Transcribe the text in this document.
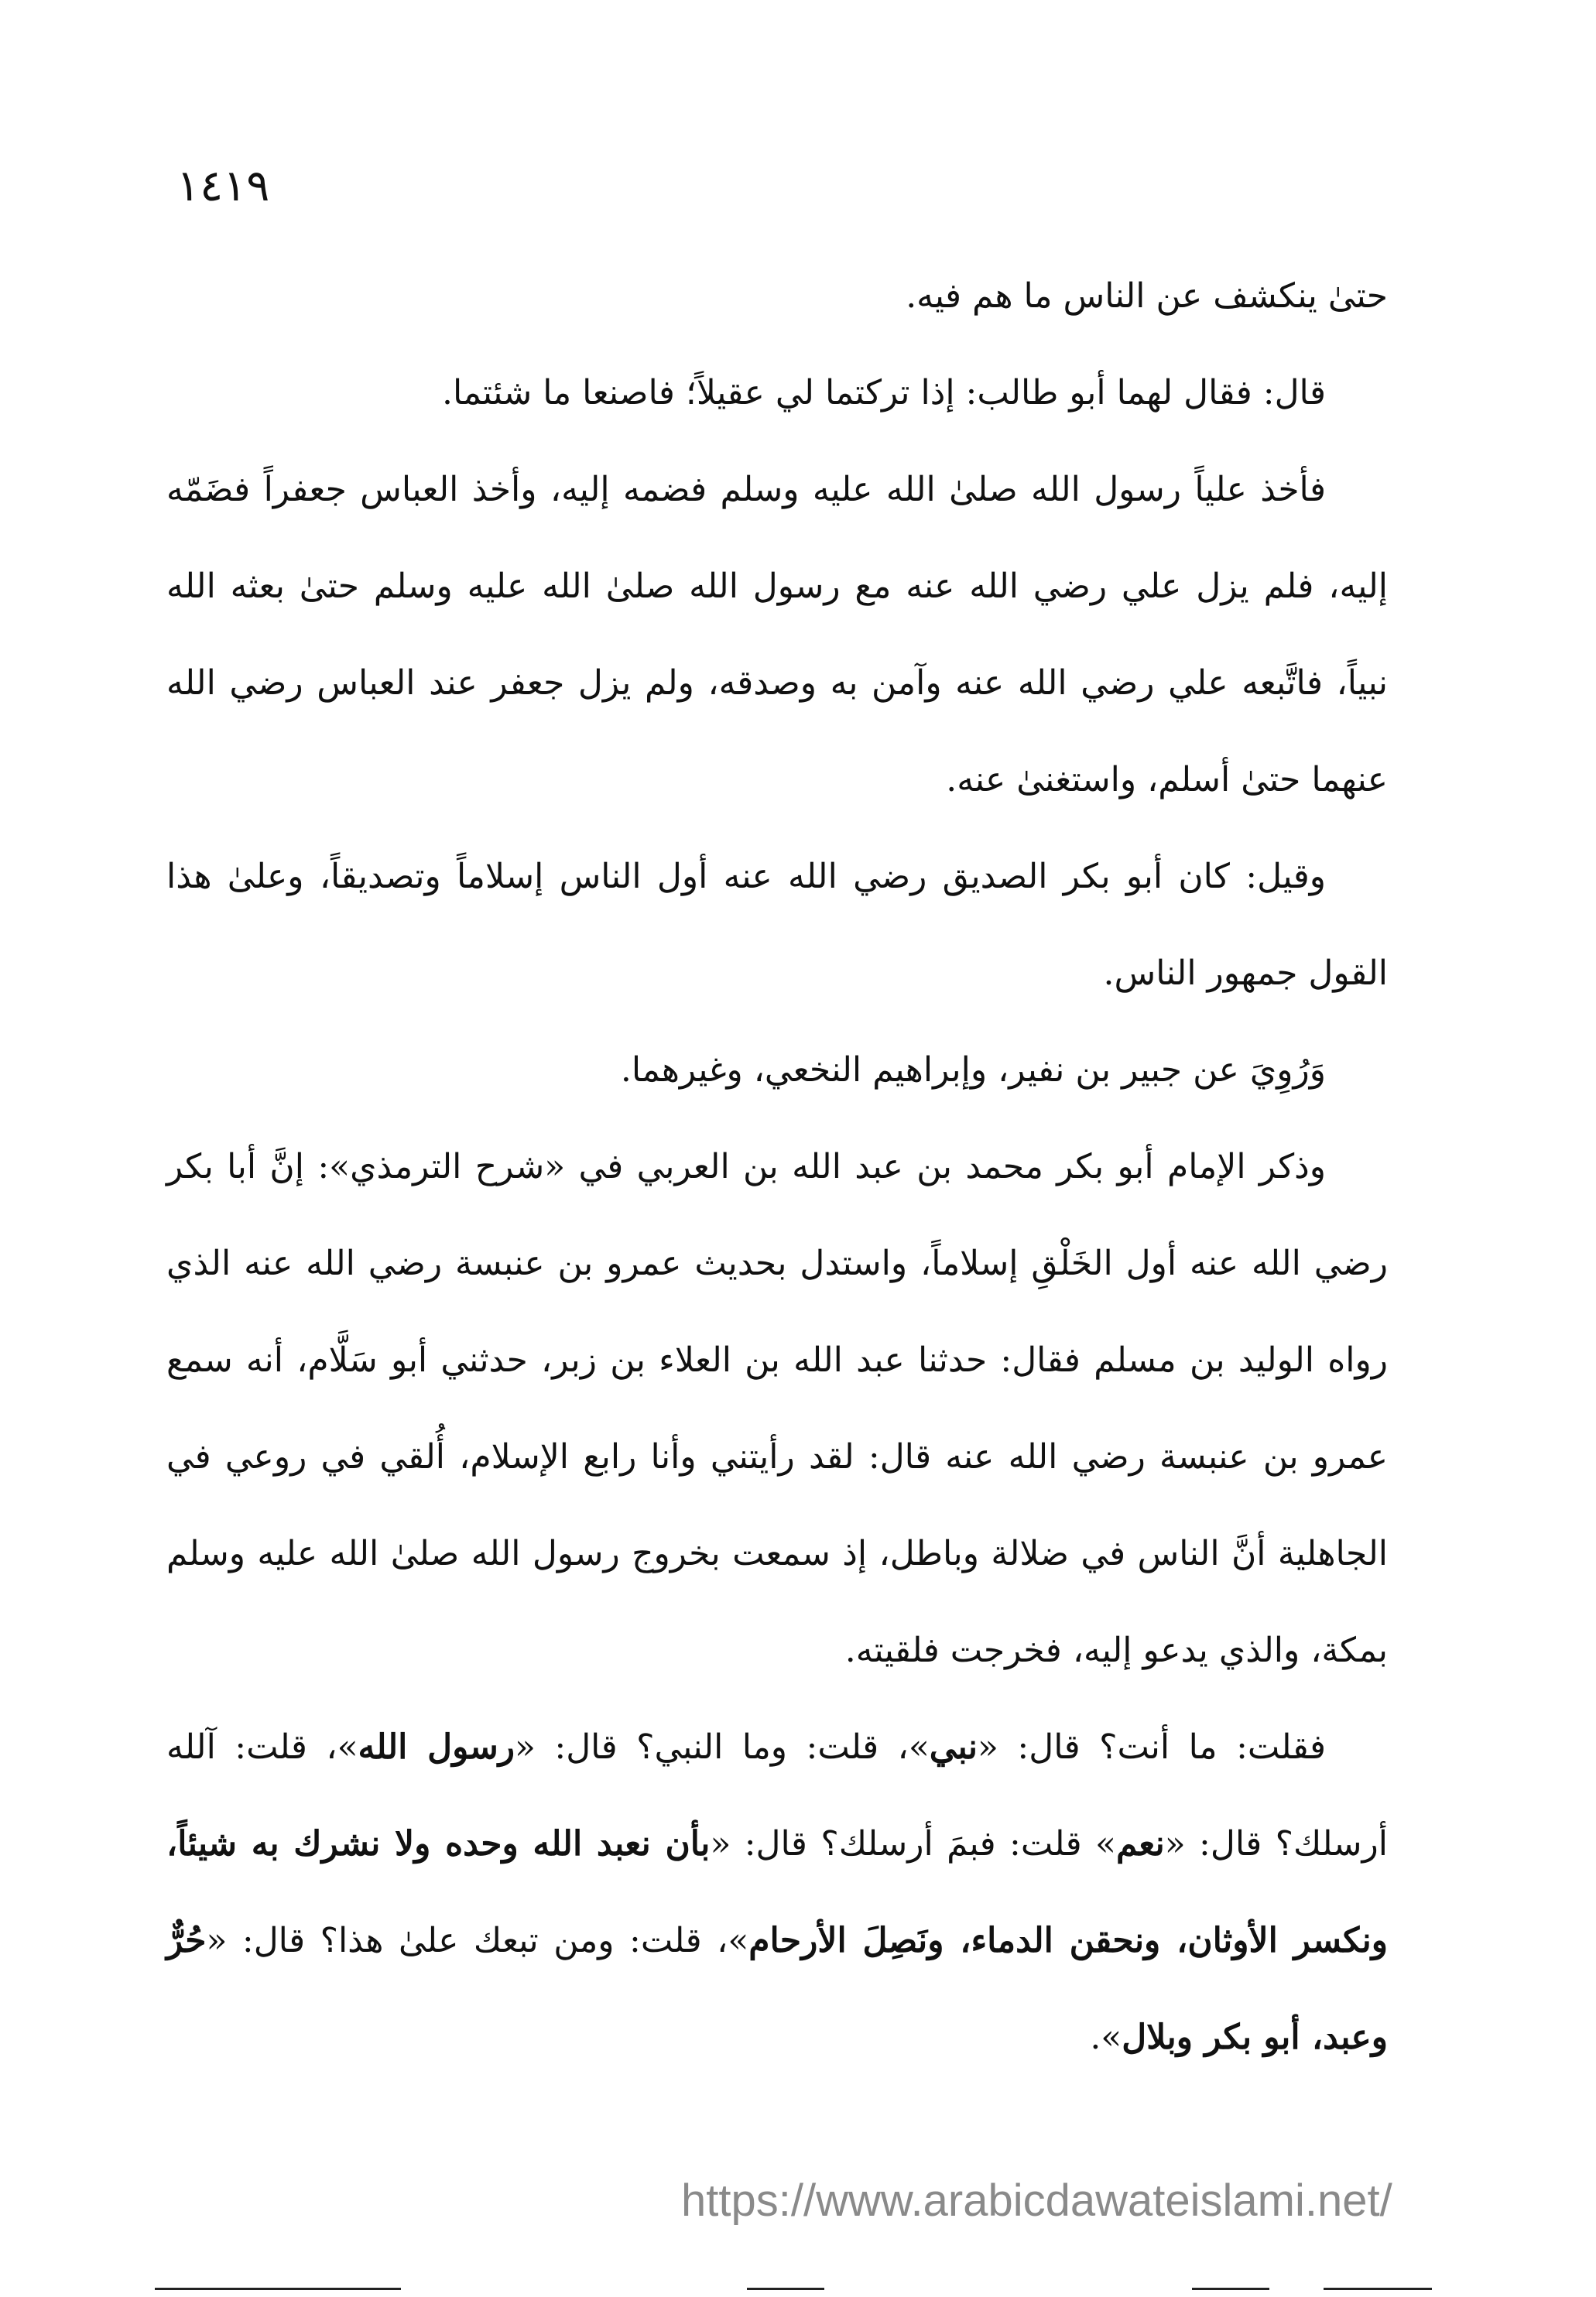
١٤١٩

حتىٰ ينكشف عن الناس ما هم فيه.

قال: فقال لهما أبو طالب: إذا تركتما لي عقيلاً؛ فاصنعا ما شئتما.

فأخذ علياً رسول الله صلىٰ الله عليه وسلم فضمه إليه، وأخذ العباس جعفراً فضَمّه إليه، فلم يزل علي رضي الله عنه مع رسول الله صلىٰ الله عليه وسلم حتىٰ بعثه الله نبياً، فاتَّبعه علي رضي الله عنه وآمن به وصدقه، ولم يزل جعفر عند العباس رضي الله عنهما حتىٰ أسلم، واستغنىٰ عنه.

وقيل: كان أبو بكر الصديق رضي الله عنه أول الناس إسلاماً وتصديقاً، وعلىٰ هذا القول جمهور الناس.

وَرُوِيَ عن جبير بن نفير، وإبراهيم النخعي، وغيرهما.

وذكر الإمام أبو بكر محمد بن عبد الله بن العربي في «شرح الترمذي»: إنَّ أبا بكر رضي الله عنه أول الخَلْقِ إسلاماً، واستدل بحديث عمرو بن عنبسة رضي الله عنه الذي رواه الوليد بن مسلم فقال: حدثنا عبد الله بن العلاء بن زبر، حدثني أبو سَلَّام، أنه سمع عمرو بن عنبسة رضي الله عنه قال: لقد رأيتني وأنا رابع الإسلام، أُلقي في روعي في الجاهلية أنَّ الناس في ضلالة وباطل، إذ سمعت بخروج رسول الله صلىٰ الله عليه وسلم بمكة، والذي يدعو إليه، فخرجت فلقيته.

فقلت: ما أنت؟ قال: «نبي»، قلت: وما النبي؟ قال: «رسول الله»، قلت: آلله أرسلك؟ قال: «نعم» قلت: فبمَ أرسلك؟ قال: «بأن نعبد الله وحده ولا نشرك به شيئاً، ونكسر الأوثان، ونحقن الدماء، ونَصِلَ الأرحام»، قلت: ومن تبعك علىٰ هذا؟ قال: «حُرٌّ وعبد، أبو بكر وبلال».

https://www.arabicdawateislami.net/
